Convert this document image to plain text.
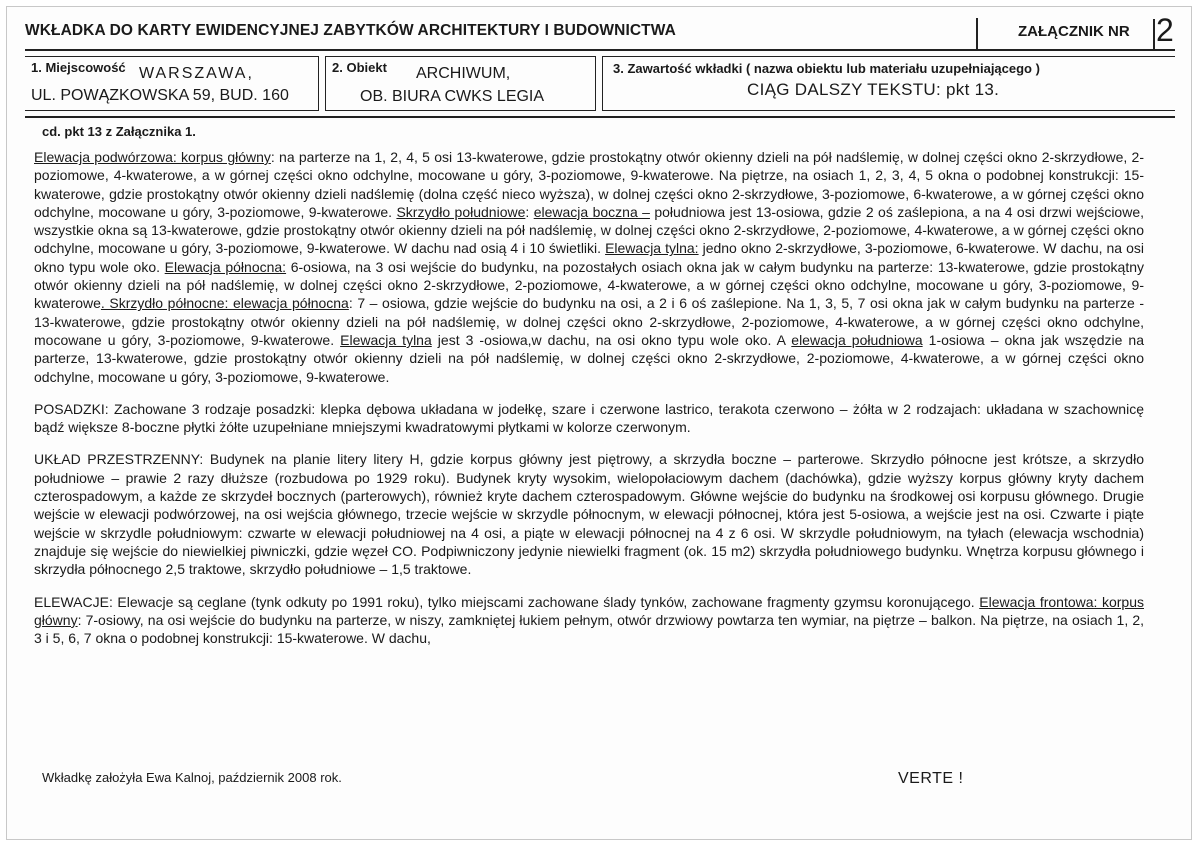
WKŁADKA DO KARTY EWIDENCYJNEJ ZABYTKÓW ARCHITEKTURY I BUDOWNICTWA	ZAŁĄCZNIK NR 2
1. Miejscowość WARSZAWA,
UL. POWĄZKOWSKA 59, BUD. 160
2. Obiekt ARCHIWUM,
OB. BIURA CWKS LEGIA
3. Zawartość wkładki ( nazwa obiektu lub materiału uzupełniającego )
CIĄG DALSZY TEKSTU: pkt 13.
cd. pkt 13 z Załącznika 1.

Elewacja podwórzowa: korpus główny: na parterze na 1, 2, 4, 5 osi 13-kwaterowe, gdzie prostokątny otwór okienny dzieli na pół nadślemię, w dolnej części okno 2-skrzydłowe, 2-poziomowe, 4-kwaterowe, a w górnej części okno odchylne, mocowane u góry, 3-poziomowe, 9-kwaterowe. Na piętrze, na osiach 1, 2, 3, 4, 5 okna o podobnej konstrukcji: 15-kwaterowe, gdzie prostokątny otwór okienny dzieli nadślemię (dolna część nieco wyższa), w dolnej części okno 2-skrzydłowe, 3-poziomowe, 6-kwaterowe, a w górnej części okno odchylne, mocowane u góry, 3-poziomowe, 9-kwaterowe. Skrzydło południowe: elewacja boczna – południowa jest 13-osiowa, gdzie 2 oś zaślepiona, a na 4 osi drzwi wejściowe, wszystkie okna są 13-kwaterowe, gdzie prostokątny otwór okienny dzieli na pół nadślemię, w dolnej części okno 2-skrzydłowe, 2-poziomowe, 4-kwaterowe, a w górnej części okno odchylne, mocowane u góry, 3-poziomowe, 9-kwaterowe. W dachu nad osią 4 i 10 świetliki. Elewacja tylna: jedno okno 2-skrzydłowe, 3-poziomowe, 6-kwaterowe. W dachu, na osi okno typu wole oko. Elewacja północna: 6-osiowa, na 3 osi wejście do budynku, na pozostałych osiach okna jak w całym budynku na parterze: 13-kwaterowe, gdzie prostokątny otwór okienny dzieli na pół nadślemię, w dolnej części okno 2-skrzydłowe, 2-poziomowe, 4-kwaterowe, a w górnej części okno odchylne, mocowane u góry, 3-poziomowe, 9-kwaterowe. Skrzydło północne: elewacja północna: 7 – osiowa, gdzie wejście do budynku na osi, a 2 i 6 oś zaślepione. Na 1, 3, 5, 7 osi okna jak w całym budynku na parterze - 13-kwaterowe, gdzie prostokątny otwór okienny dzieli na pół nadślemię, w dolnej części okno 2-skrzydłowe, 2-poziomowe, 4-kwaterowe, a w górnej części okno odchylne, mocowane u góry, 3-poziomowe, 9-kwaterowe. Elewacja tylna jest 3 -osiowa,w dachu, na osi okno typu wole oko. A elewacja południowa 1-osiowa – okna jak wszędzie na parterze, 13-kwaterowe, gdzie prostokątny otwór okienny dzieli na pół nadślemię, w dolnej części okno 2-skrzydłowe, 2-poziomowe, 4-kwaterowe, a w górnej części okno odchylne, mocowane u góry, 3-poziomowe, 9-kwaterowe.

POSADZKI: Zachowane 3 rodzaje posadzki: klepka dębowa układana w jodełkę, szare i czerwone lastrico, terakota czerwono – żółta w 2 rodzajach: układana w szachownicę bądź większe 8-boczne płytki żółte uzupełniane mniejszymi kwadratowymi płytkami w kolorze czerwonym.

UKŁAD PRZESTRZENNY: Budynek na planie litery litery H, gdzie korpus główny jest piętrowy, a skrzydła boczne – parterowe. Skrzydło północne jest krótsze, a skrzydło południowe – prawie 2 razy dłuższe (rozbudowa po 1929 roku). Budynek kryty wysokim, wielopołaciowym dachem (dachówka), gdzie wyższy korpus główny kryty dachem czterospadowym, a każde ze skrzydeł bocznych (parterowych), również kryte dachem czterospadowym. Główne wejście do budynku na środkowej osi korpusu głównego. Drugie wejście w elewacji podwórzowej, na osi wejścia głównego, trzecie wejście w skrzydle północnym, w elewacji północnej, która jest 5-osiowa, a wejście jest na osi. Czwarte i piąte wejście w skrzydle południowym: czwarte w elewacji południowej na 4 osi, a piąte w elewacji północnej na 4 z 6 osi. W skrzydle południowym, na tyłach (elewacja wschodnia) znajduje się wejście do niewielkiej piwniczki, gdzie węzeł CO. Podpiwniczony jedynie niewielki fragment (ok. 15 m2) skrzydła południowego budynku. Wnętrza korpusu głównego i skrzydła północnego 2,5 traktowe, skrzydło południowe – 1,5 traktowe.

ELEWACJE: Elewacje są ceglane (tynk odkuty po 1991 roku), tylko miejscami zachowane ślady tynków, zachowane fragmenty gzymsu koronującego. Elewacja frontowa: korpus główny: 7-osiowy, na osi wejście do budynku na parterze, w niszy, zamkniętej łukiem pełnym, otwór drzwiowy powtarza ten wymiar, na piętrze – balkon. Na piętrze, na osiach 1, 2, 3 i 5, 6, 7 okna o podobnej konstrukcji: 15-kwaterowe. W dachu,

Wkładkę założyła Ewa Kalnoj, październik 2008 rok.	VERTE !
